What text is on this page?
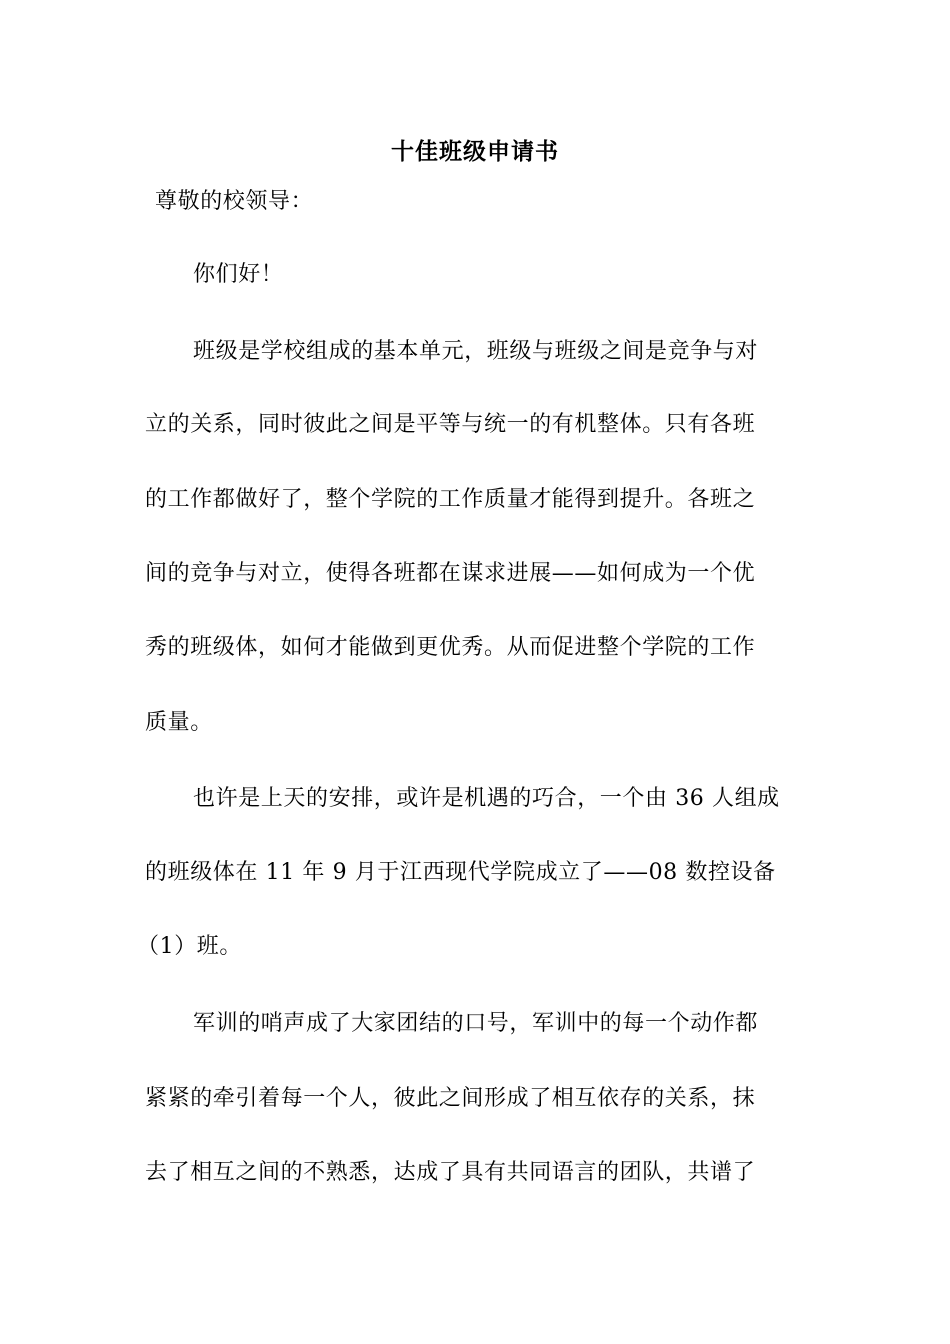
十佳班级申请书
尊敬的校领导：
你们好！
班级是学校组成的基本单元，班级与班级之间是竞争与对
立的关系，同时彼此之间是平等与统一的有机整体。只有各班
的工作都做好了，整个学院的工作质量才能得到提升。各班之
间的竞争与对立，使得各班都在谋求进展——如何成为一个优
秀的班级体，如何才能做到更优秀。从而促进整个学院的工作
质量。
也许是上天的安排，或许是机遇的巧合，一个由 36 人组成
的班级体在 11 年 9 月于江西现代学院成立了——08 数控设备
（1）班。
军训的哨声成了大家团结的口号，军训中的每一个动作都
紧紧的牵引着每一个人，彼此之间形成了相互依存的关系，抹
去了相互之间的不熟悉，达成了具有共同语言的团队，共谱了
